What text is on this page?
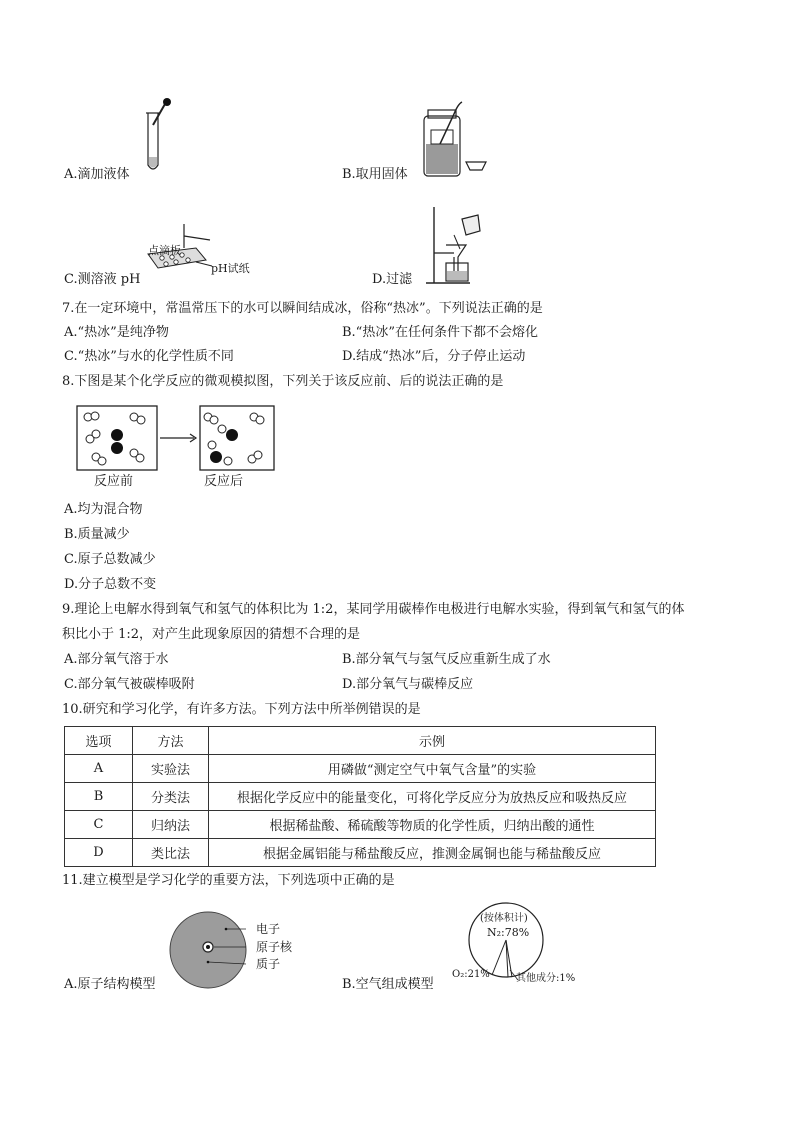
A.滴加液体	B.取用固体
点滴板
pH试纸
C.测溶液 pH	D.过滤
7.在一定环境中，常温常压下的水可以瞬间结成冰，俗称“热冰”。下列说法正确的是
A.“热冰”是纯净物	B.“热冰”在任何条件下都不会熔化
C.“热冰”与水的化学性质不同	D.结成“热冰”后，分子停止运动
8.下图是某个化学反应的微观模拟图，下列关于该反应前、后的说法正确的是
反应前	反应后
A.均为混合物
B.质量减少
C.原子总数减少
D.分子总数不变
9.理论上电解水得到氧气和氢气的体积比为 1:2，某同学用碳棒作电极进行电解水实验，得到氧气和氢气的体
积比小于 1:2，对产生此现象原因的猜想不合理的是
A.部分氧气溶于水	B.部分氧气与氢气反应重新生成了水
C.部分氧气被碳棒吸附	D.部分氧气与碳棒反应
10.研究和学习化学，有许多方法。下列方法中所举例错误的是
选项	方法	示例
A	实验法	用磷做“测定空气中氧气含量”的实验
B	分类法	根据化学反应中的能量变化，可将化学反应分为放热反应和吸热反应
C	归纳法	根据稀盐酸、稀硫酸等物质的化学性质，归纳出酸的通性
D	类比法	根据金属铝能与稀盐酸反应，推测金属铜也能与稀盐酸反应
11.建立模型是学习化学的重要方法，下列选项中正确的是
电子
原子核
质子
A.原子结构模型
(按体积计)
N₂:78%
O₂:21%	其他成分:1%
B.空气组成模型
